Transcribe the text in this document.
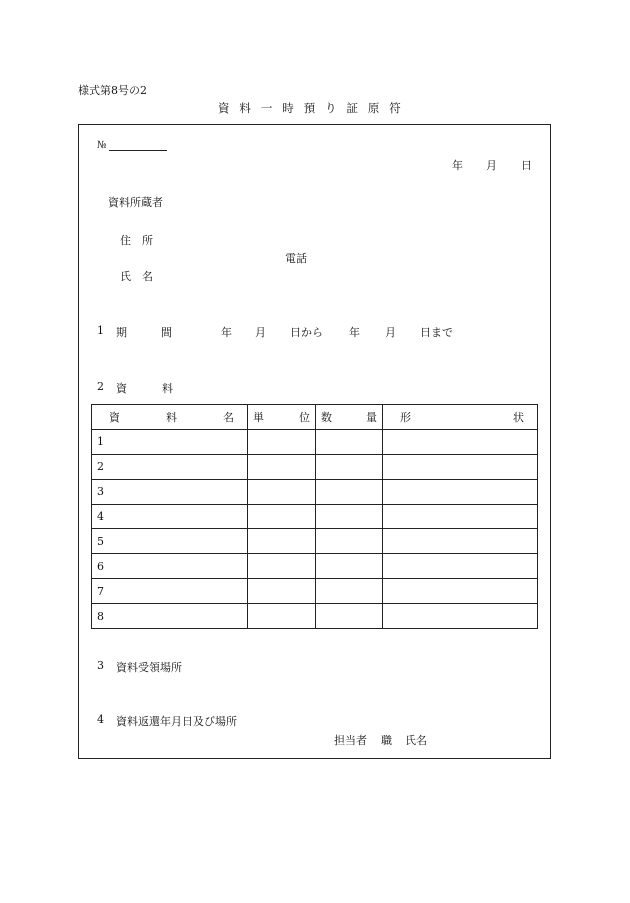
様式第8号の2
資 料 一 時 預 り 証 原 符
№
年 月 日
資料所蔵者
住　所
電話
氏　名
1 期	間	年 月 日から 年 月 日まで
2 資	料
資 料 名	単 位	数 量	形 状

1			
2			
3			
4			
5			
6			
7			
8			
3 資料受領場所
4 資料返還年月日及び場所
担当者 職 氏名
